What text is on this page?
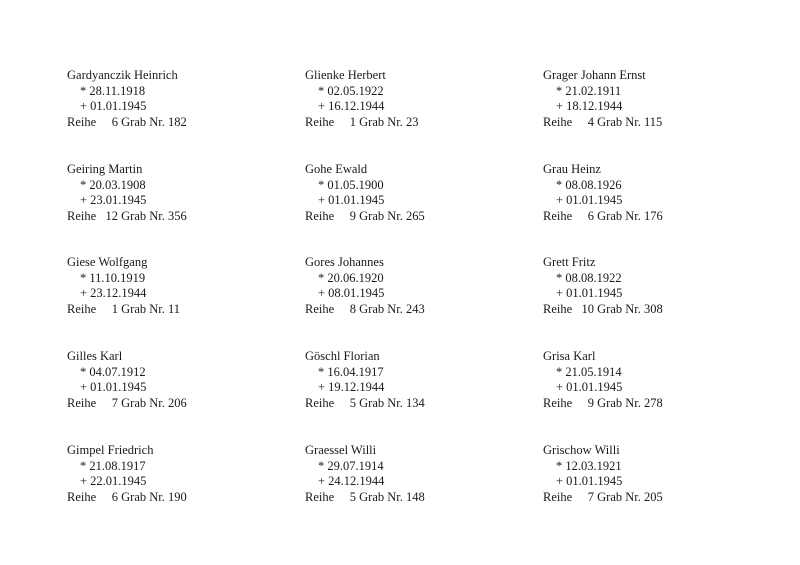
Gardyanczik Heinrich
* 28.11.1918
+ 01.01.1945
Reihe     6 Grab Nr. 182
Glienke Herbert
* 02.05.1922
+ 16.12.1944
Reihe     1 Grab Nr. 23
Grager Johann Ernst
* 21.02.1911
+ 18.12.1944
Reihe     4 Grab Nr. 115
Geiring Martin
* 20.03.1908
+ 23.01.1945
Reihe   12 Grab Nr. 356
Gohe Ewald
* 01.05.1900
+ 01.01.1945
Reihe     9 Grab Nr. 265
Grau Heinz
* 08.08.1926
+ 01.01.1945
Reihe     6 Grab Nr. 176
Giese Wolfgang
* 11.10.1919
+ 23.12.1944
Reihe     1 Grab Nr. 11
Gores Johannes
* 20.06.1920
+ 08.01.1945
Reihe     8 Grab Nr. 243
Grett Fritz
* 08.08.1922
+ 01.01.1945
Reihe   10 Grab Nr. 308
Gilles Karl
* 04.07.1912
+ 01.01.1945
Reihe     7 Grab Nr. 206
Göschl Florian
* 16.04.1917
+ 19.12.1944
Reihe     5 Grab Nr. 134
Grisa Karl
* 21.05.1914
+ 01.01.1945
Reihe     9 Grab Nr. 278
Gimpel Friedrich
* 21.08.1917
+ 22.01.1945
Reihe     6 Grab Nr. 190
Graessel Willi
* 29.07.1914
+ 24.12.1944
Reihe     5 Grab Nr. 148
Grischow Willi
* 12.03.1921
+ 01.01.1945
Reihe     7 Grab Nr. 205
